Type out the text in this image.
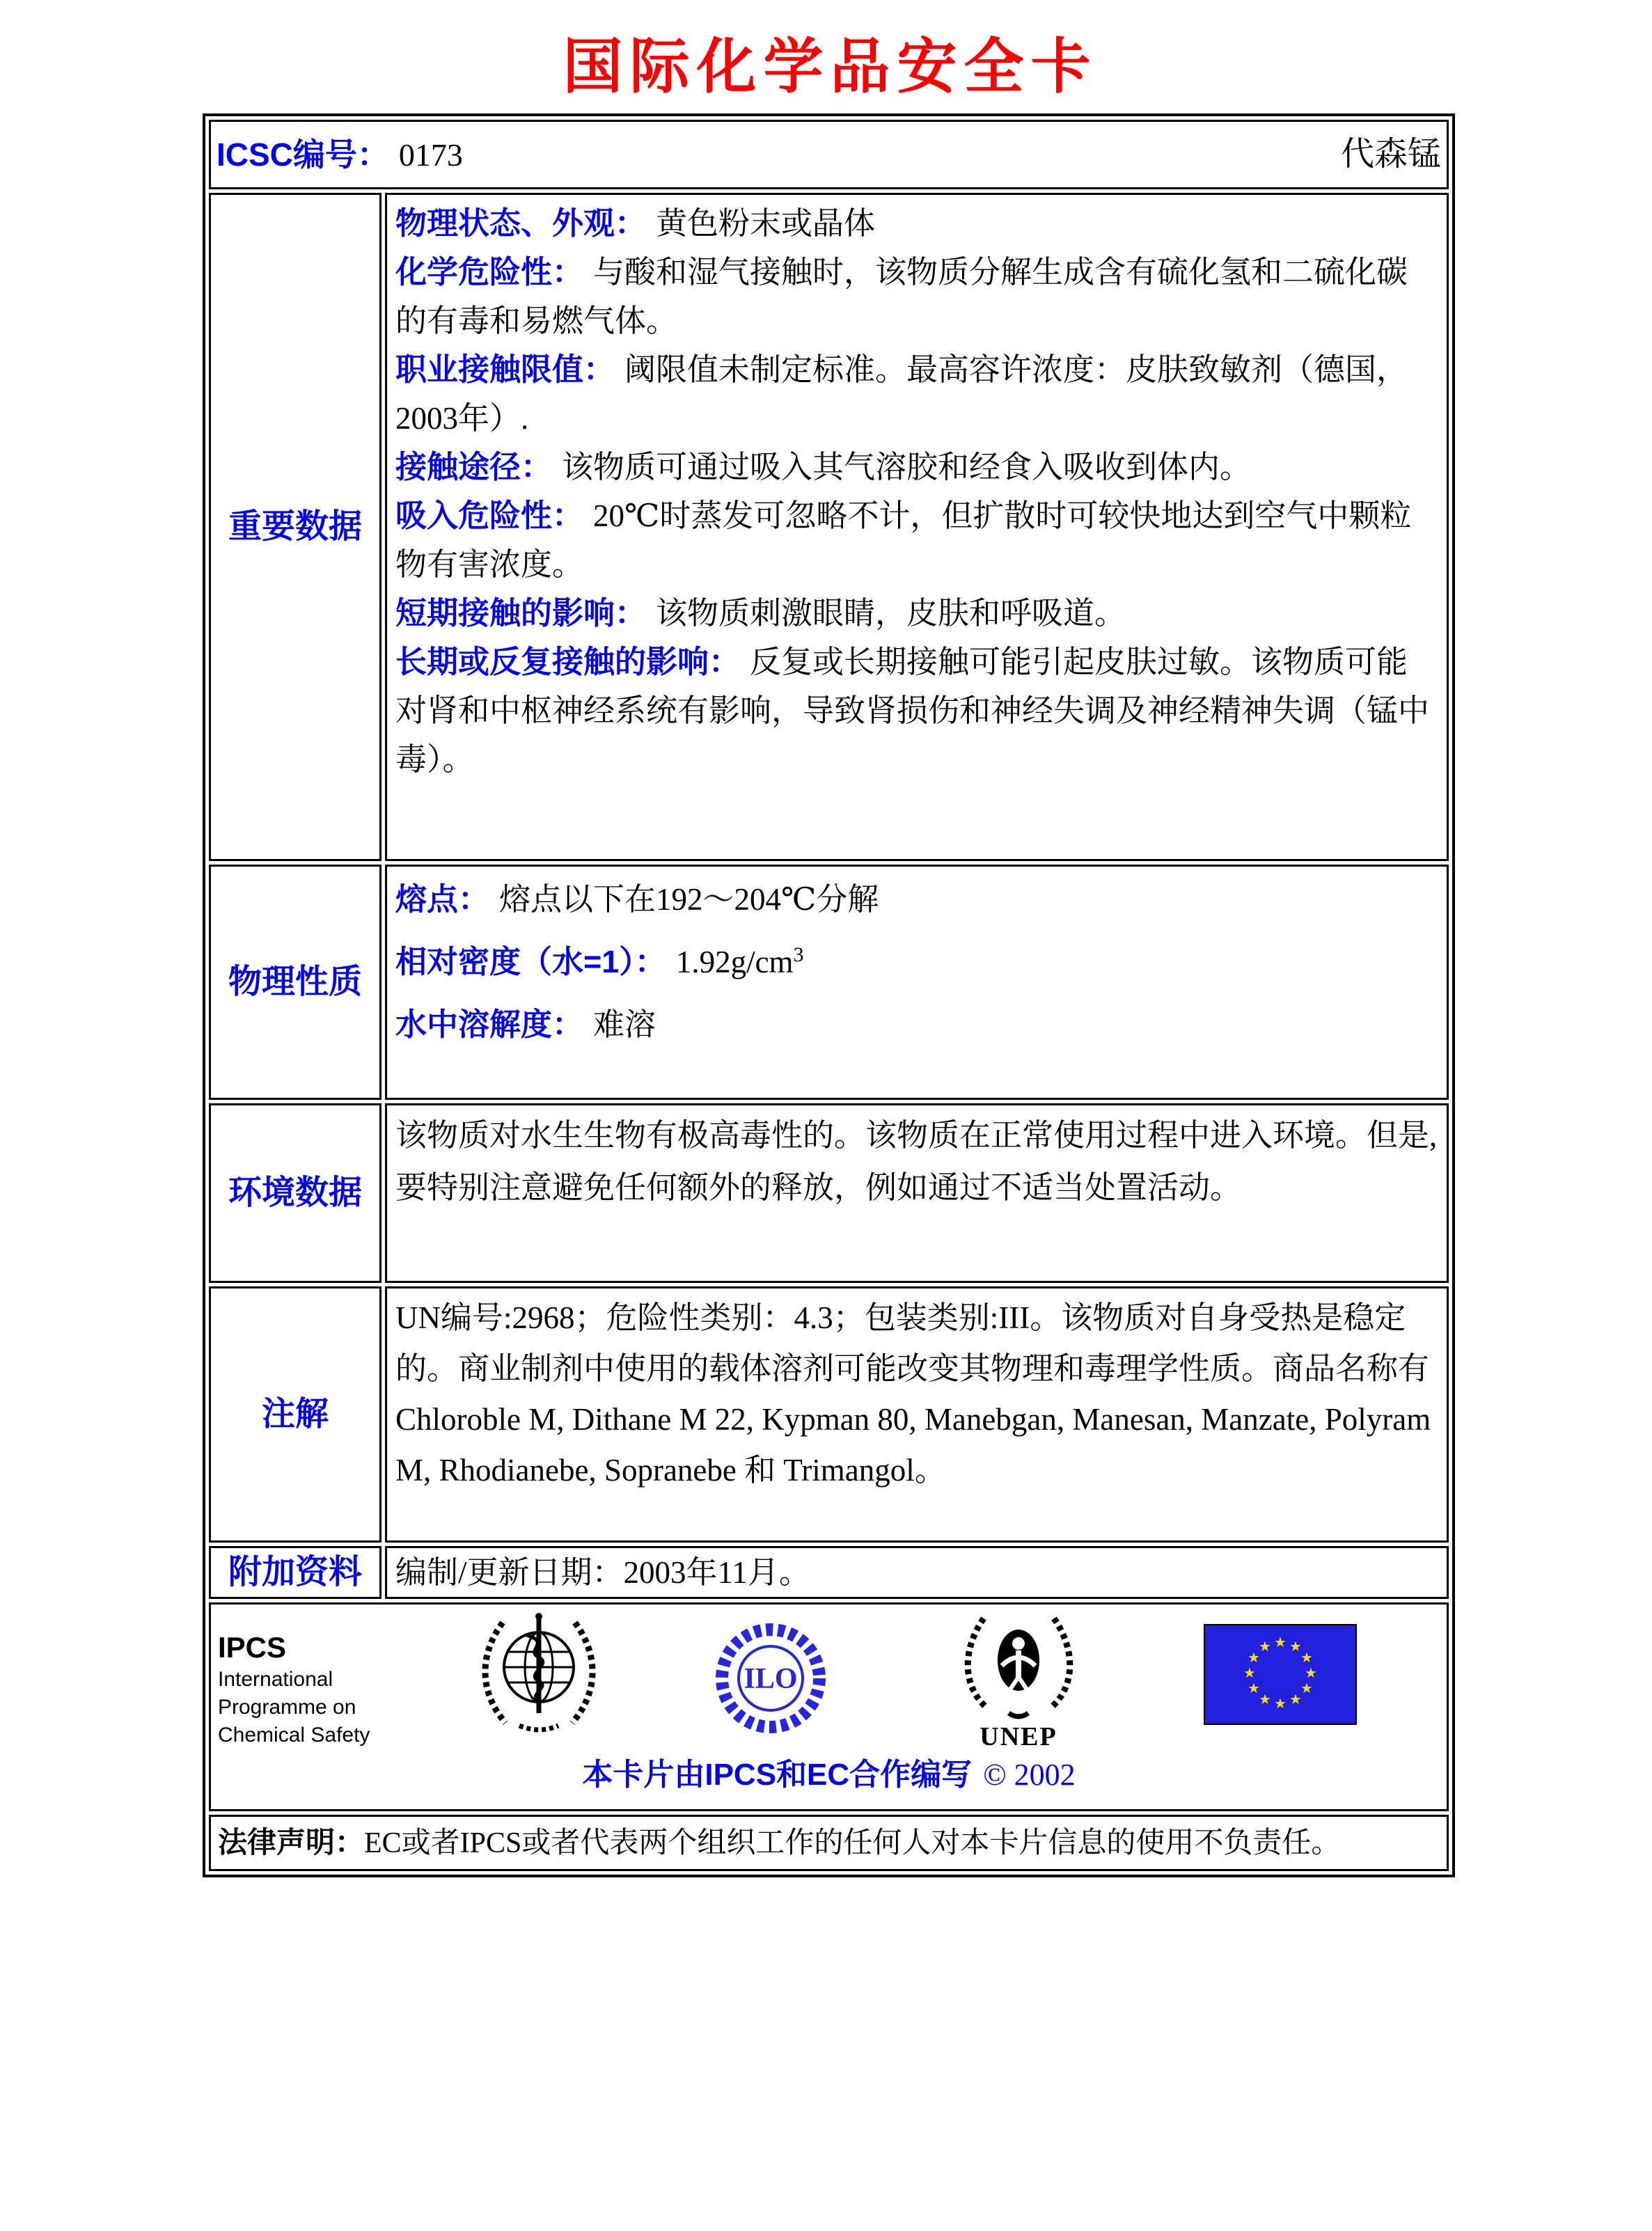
国际化学品安全卡
ICSC编号： 0173 代森锰	

重要数据	

物理状态、外观： 黄色粉末或晶体

化学危险性： 与酸和湿气接触时，该物质分解生成含有硫化氢和二硫化碳的有毒和易燃气体。

职业接触限值： 阈限值未制定标准。最高容许浓度：皮肤致敏剂（德国，2003年）.

接触途径： 该物质可通过吸入其气溶胶和经食入吸收到体内。

吸入危险性： 20℃时蒸发可忽略不计，但扩散时可较快地达到空气中颗粒物有害浓度。

短期接触的影响： 该物质刺激眼睛，皮肤和呼吸道。

长期或反复接触的影响： 反复或长期接触可能引起皮肤过敏。该物质可能对肾和中枢神经系统有影响，导致肾损伤和神经失调及神经精神失调（锰中毒）。

物理性质	熔点： 熔点以下在192～204℃分解

相对密度（水=1）： $1.92g/cm^3$

水中溶解度： 难溶

环境数据	该物质对水生生物有极高毒性的。该物质在正常使用过程中进入环境。但是,要特别注意避免任何额外的释放，例如通过不适当处置活动。

注解	UN编号:2968；危险性类别：4.3；包装类别:III。该物质对自身受热是稳定的。商业制剂中使用的载体溶剂可能改变其物理和毒理学性质。商品名称有Chloroble M, Dithane M 22, Kypman 80, Manebgan, Manesan, Manzate, Polyram M, Rhodianebe, Sopranebe 和 Trimangol。

附加资料	编制/更新日期：2003年11月。

IPCS
International
Programme on
Chemical Safety
ILO
UNEP
★ ★
★
★
★
★
★
★
★
★
★
★
本卡片由IPCS和EC合作编写 © 2002

法律声明：EC或者IPCS或者代表两个组织工作的任何人对本卡片信息的使用不负责任。	
